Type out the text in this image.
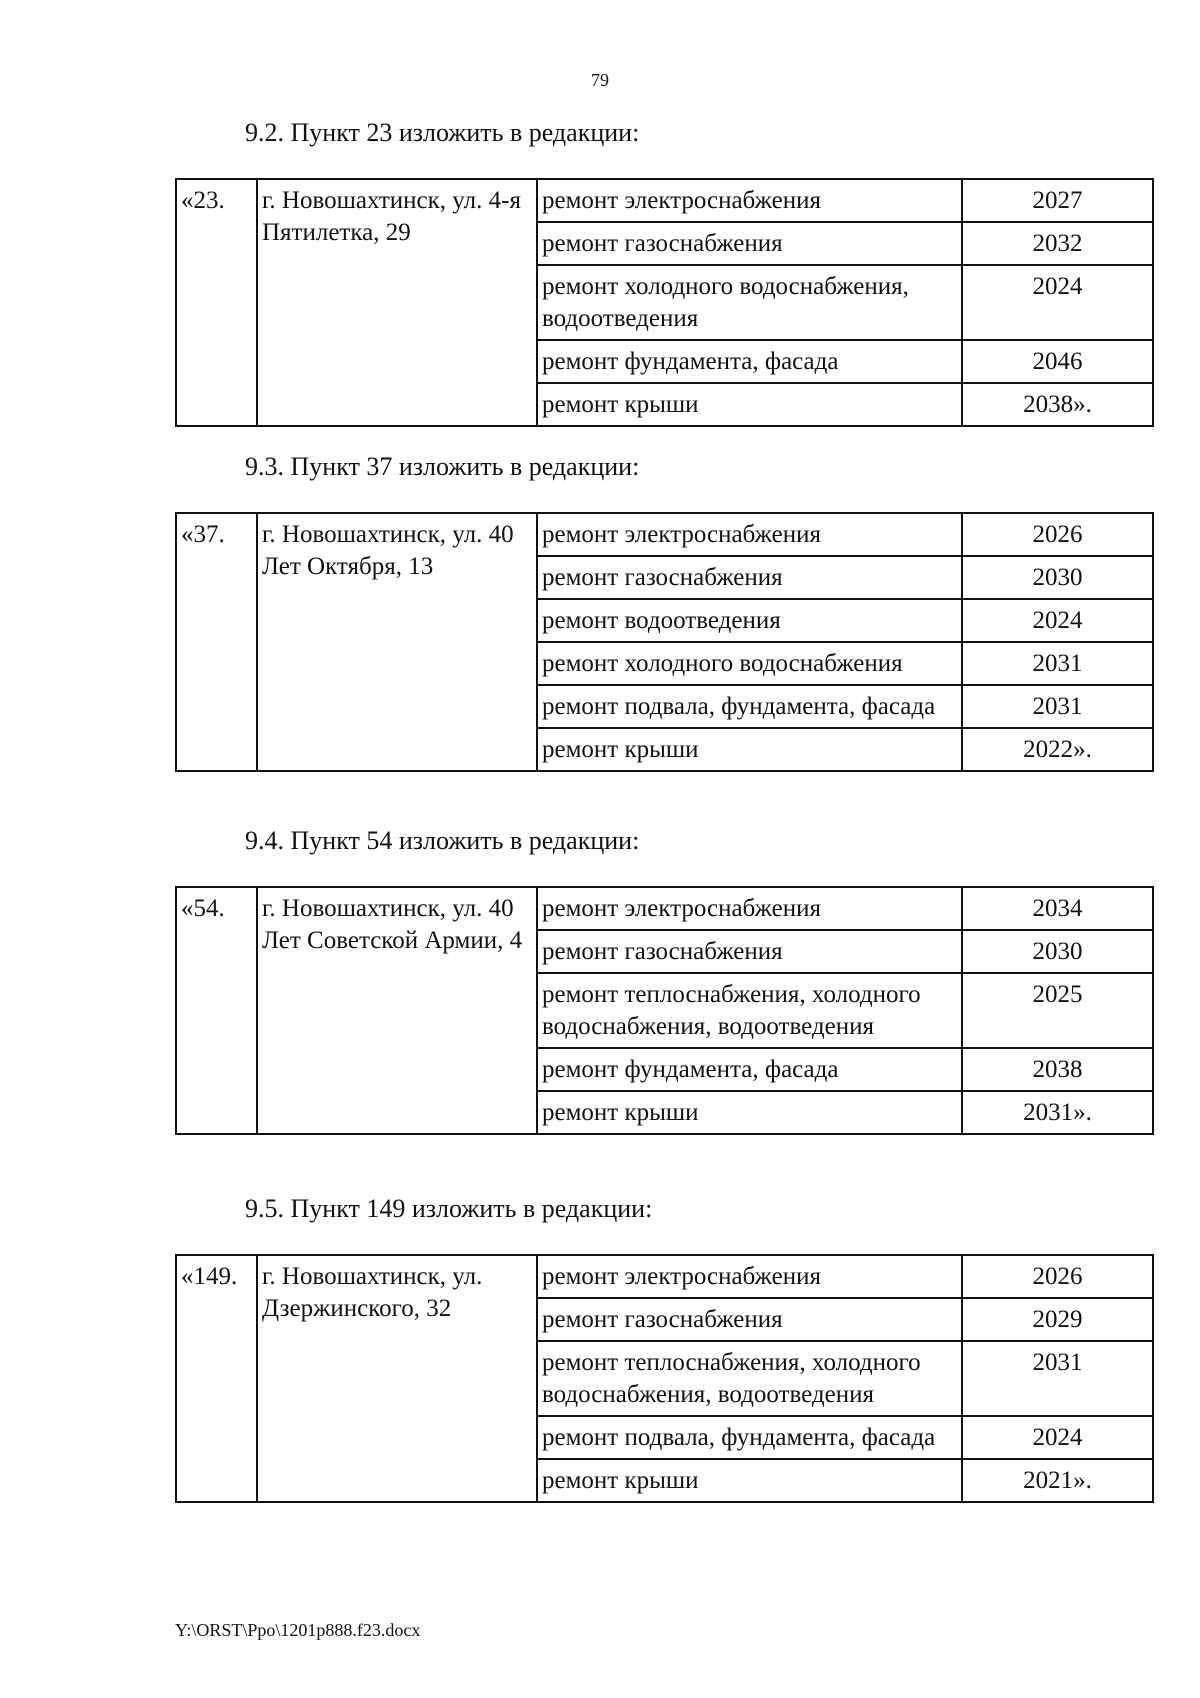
79
9.2. Пункт 23 изложить в редакции:
«23.	г. Новошахтинск, ул. 4-я Пятилетка, 29	ремонт электроснабжения	2027
		ремонт газоснабжения	2032
		ремонт холодного водоснабжения, водоотведения	2024
		ремонт фундамента, фасада	2046
		ремонт крыши	2038».
9.3. Пункт 37 изложить в редакции:
«37.	г. Новошахтинск, ул. 40 Лет Октября, 13	ремонт электроснабжения	2026
		ремонт газоснабжения	2030
		ремонт водоотведения	2024
		ремонт холодного водоснабжения	2031
		ремонт подвала, фундамента, фасада	2031
		ремонт крыши	2022».
9.4. Пункт 54 изложить в редакции:
«54.	г. Новошахтинск, ул. 40 Лет Советской Армии, 4	ремонт электроснабжения	2034
		ремонт газоснабжения	2030
		ремонт теплоснабжения, холодного водоснабжения, водоотведения	2025
		ремонт фундамента, фасада	2038
		ремонт крыши	2031».
9.5. Пункт 149 изложить в редакции:
«149.	г. Новошахтинск, ул. Дзержинского, 32	ремонт электроснабжения	2026
		ремонт газоснабжения	2029
		ремонт теплоснабжения, холодного водоснабжения, водоотведения	2031
		ремонт подвала, фундамента, фасада	2024
		ремонт крыши	2021».
Y:\ORST\Ppo\1201p888.f23.docx
